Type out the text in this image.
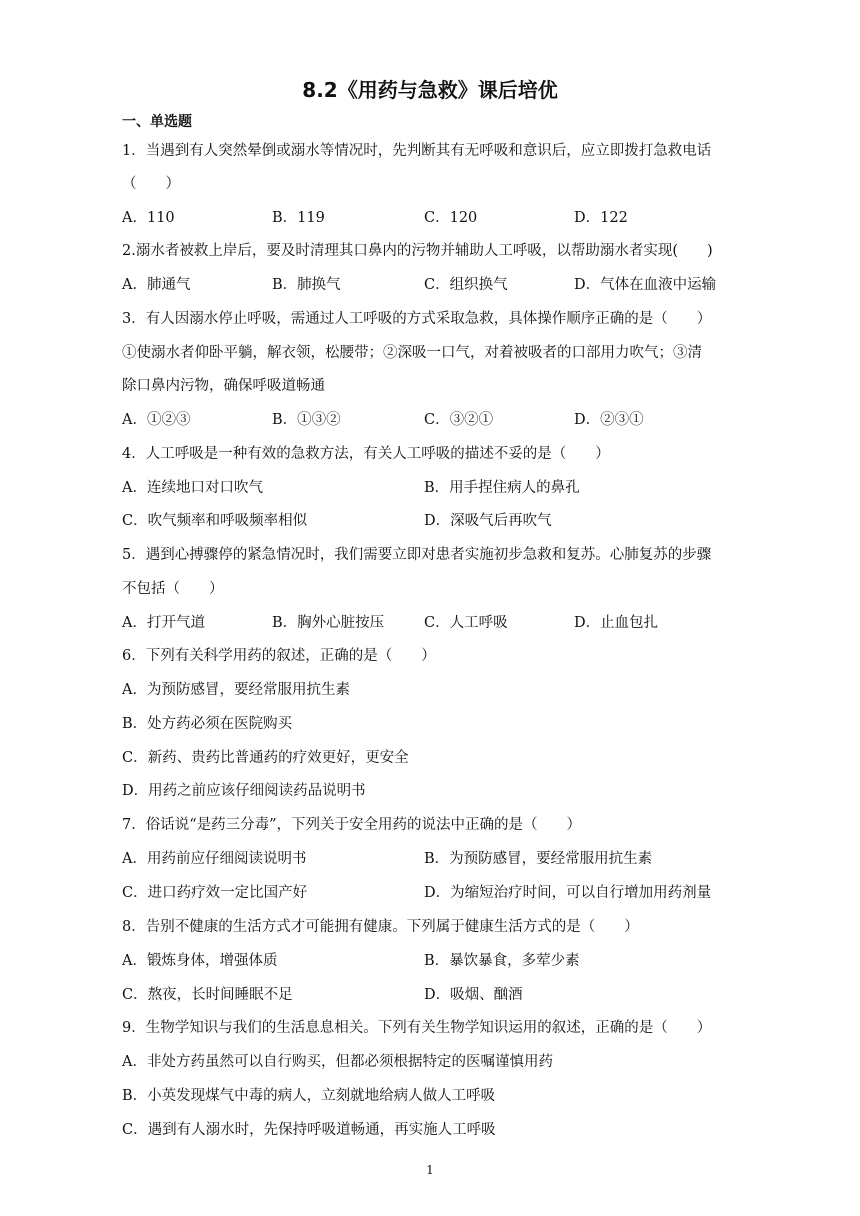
8.2《用药与急救》课后培优
一、单选题
1．当遇到有人突然晕倒或溺水等情况时，先判断其有无呼吸和意识后，应立即拨打急救电话
（　　）
A．110	B．119	C．120	D．122
2.溺水者被救上岸后，要及时清理其口鼻内的污物并辅助人工呼吸，以帮助溺水者实现(　　)
A．肺通气	B．肺换气	C．组织换气	D．气体在血液中运输
3．有人因溺水停止呼吸，需通过人工呼吸的方式采取急救，具体操作顺序正确的是（　　）
①使溺水者仰卧平躺，解衣领，松腰带；②深吸一口气，对着被吸者的口部用力吹气；③清
除口鼻内污物，确保呼吸道畅通
A．①②③	B．①③②	C．③②①	D．②③①
4．人工呼吸是一种有效的急救方法，有关人工呼吸的描述不妥的是（　　）
A．连续地口对口吹气	B．用手捏住病人的鼻孔
C．吹气频率和呼吸频率相似	D．深吸气后再吹气
5．遇到心搏骤停的紧急情况时，我们需要立即对患者实施初步急救和复苏。心肺复苏的步骤
不包括（　　）
A．打开气道	B．胸外心脏按压	C．人工呼吸	D．止血包扎
6．下列有关科学用药的叙述，正确的是（　　）
A．为预防感冒，要经常服用抗生素
B．处方药必须在医院购买
C．新药、贵药比普通药的疗效更好，更安全
D．用药之前应该仔细阅读药品说明书
7．俗话说“是药三分毒”，下列关于安全用药的说法中正确的是（　　）
A．用药前应仔细阅读说明书	B．为预防感冒，要经常服用抗生素
C．进口药疗效一定比国产好	D．为缩短治疗时间，可以自行增加用药剂量
8．告别不健康的生活方式才可能拥有健康。下列属于健康生活方式的是（　　）
A．锻炼身体，增强体质	B．暴饮暴食，多荤少素
C．熬夜，长时间睡眠不足	D．吸烟、酗酒
9．生物学知识与我们的生活息息相关。下列有关生物学知识运用的叙述，正确的是（　　）
A．非处方药虽然可以自行购买，但都必须根据特定的医嘱谨慎用药
B．小英发现煤气中毒的病人，立刻就地给病人做人工呼吸
C．遇到有人溺水时，先保持呼吸道畅通，再实施人工呼吸
1
